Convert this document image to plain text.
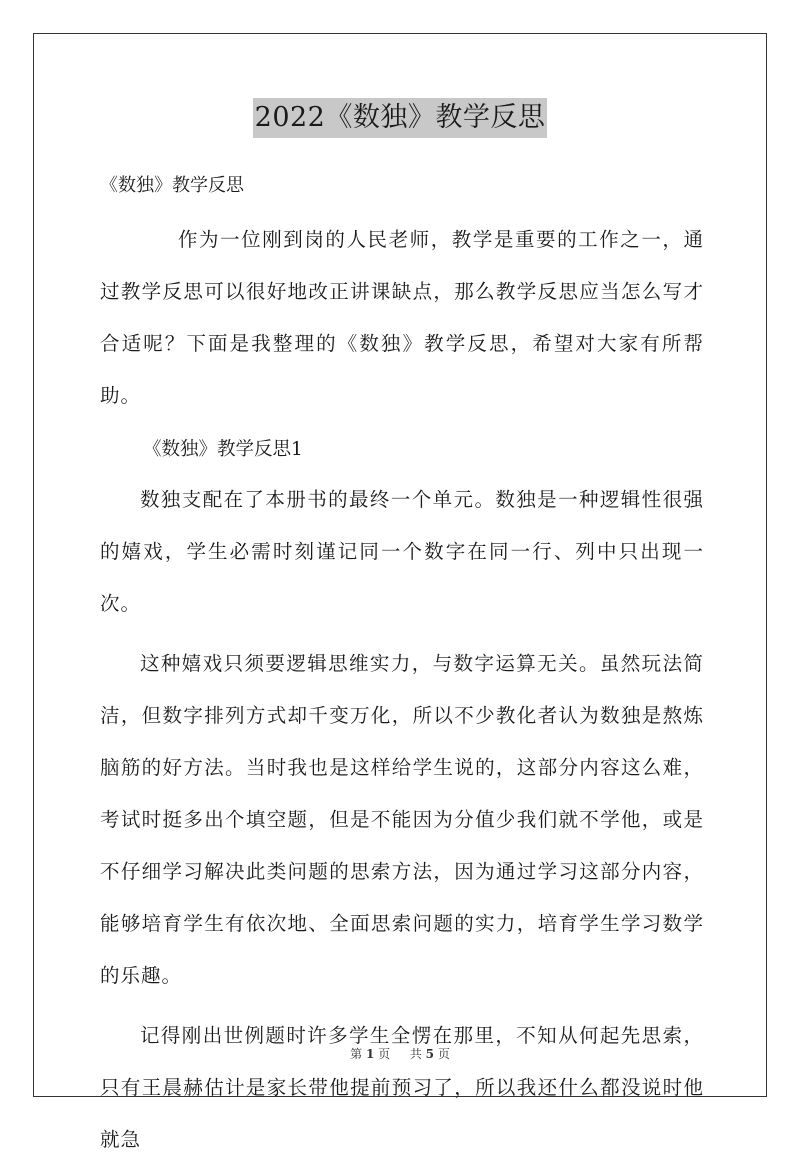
2022《数独》教学反思
《数独》教学反思
作为一位刚到岗的人民老师，教学是重要的工作之一，通过教学反思可以很好地改正讲课缺点，那么教学反思应当怎么写才合适呢？下面是我整理的《数独》教学反思，希望对大家有所帮助。
《数独》教学反思1
数独支配在了本册书的最终一个单元。数独是一种逻辑性很强的嬉戏，学生必需时刻谨记同一个数字在同一行、列中只出现一次。
这种嬉戏只须要逻辑思维实力，与数字运算无关。虽然玩法简洁，但数字排列方式却千变万化，所以不少教化者认为数独是熬炼脑筋的好方法。当时我也是这样给学生说的，这部分内容这么难，考试时挺多出个填空题，但是不能因为分值少我们就不学他，或是不仔细学习解决此类问题的思索方法，因为通过学习这部分内容，能够培育学生有依次地、全面思索问题的实力，培育学生学习数学的乐趣。
记得刚出世例题时许多学生全愣在那里，不知从何起先思索，只有王晨赫估计是家长带他提前预习了，所以我还什么都没说时他就急
第 1 页 共 5 页
